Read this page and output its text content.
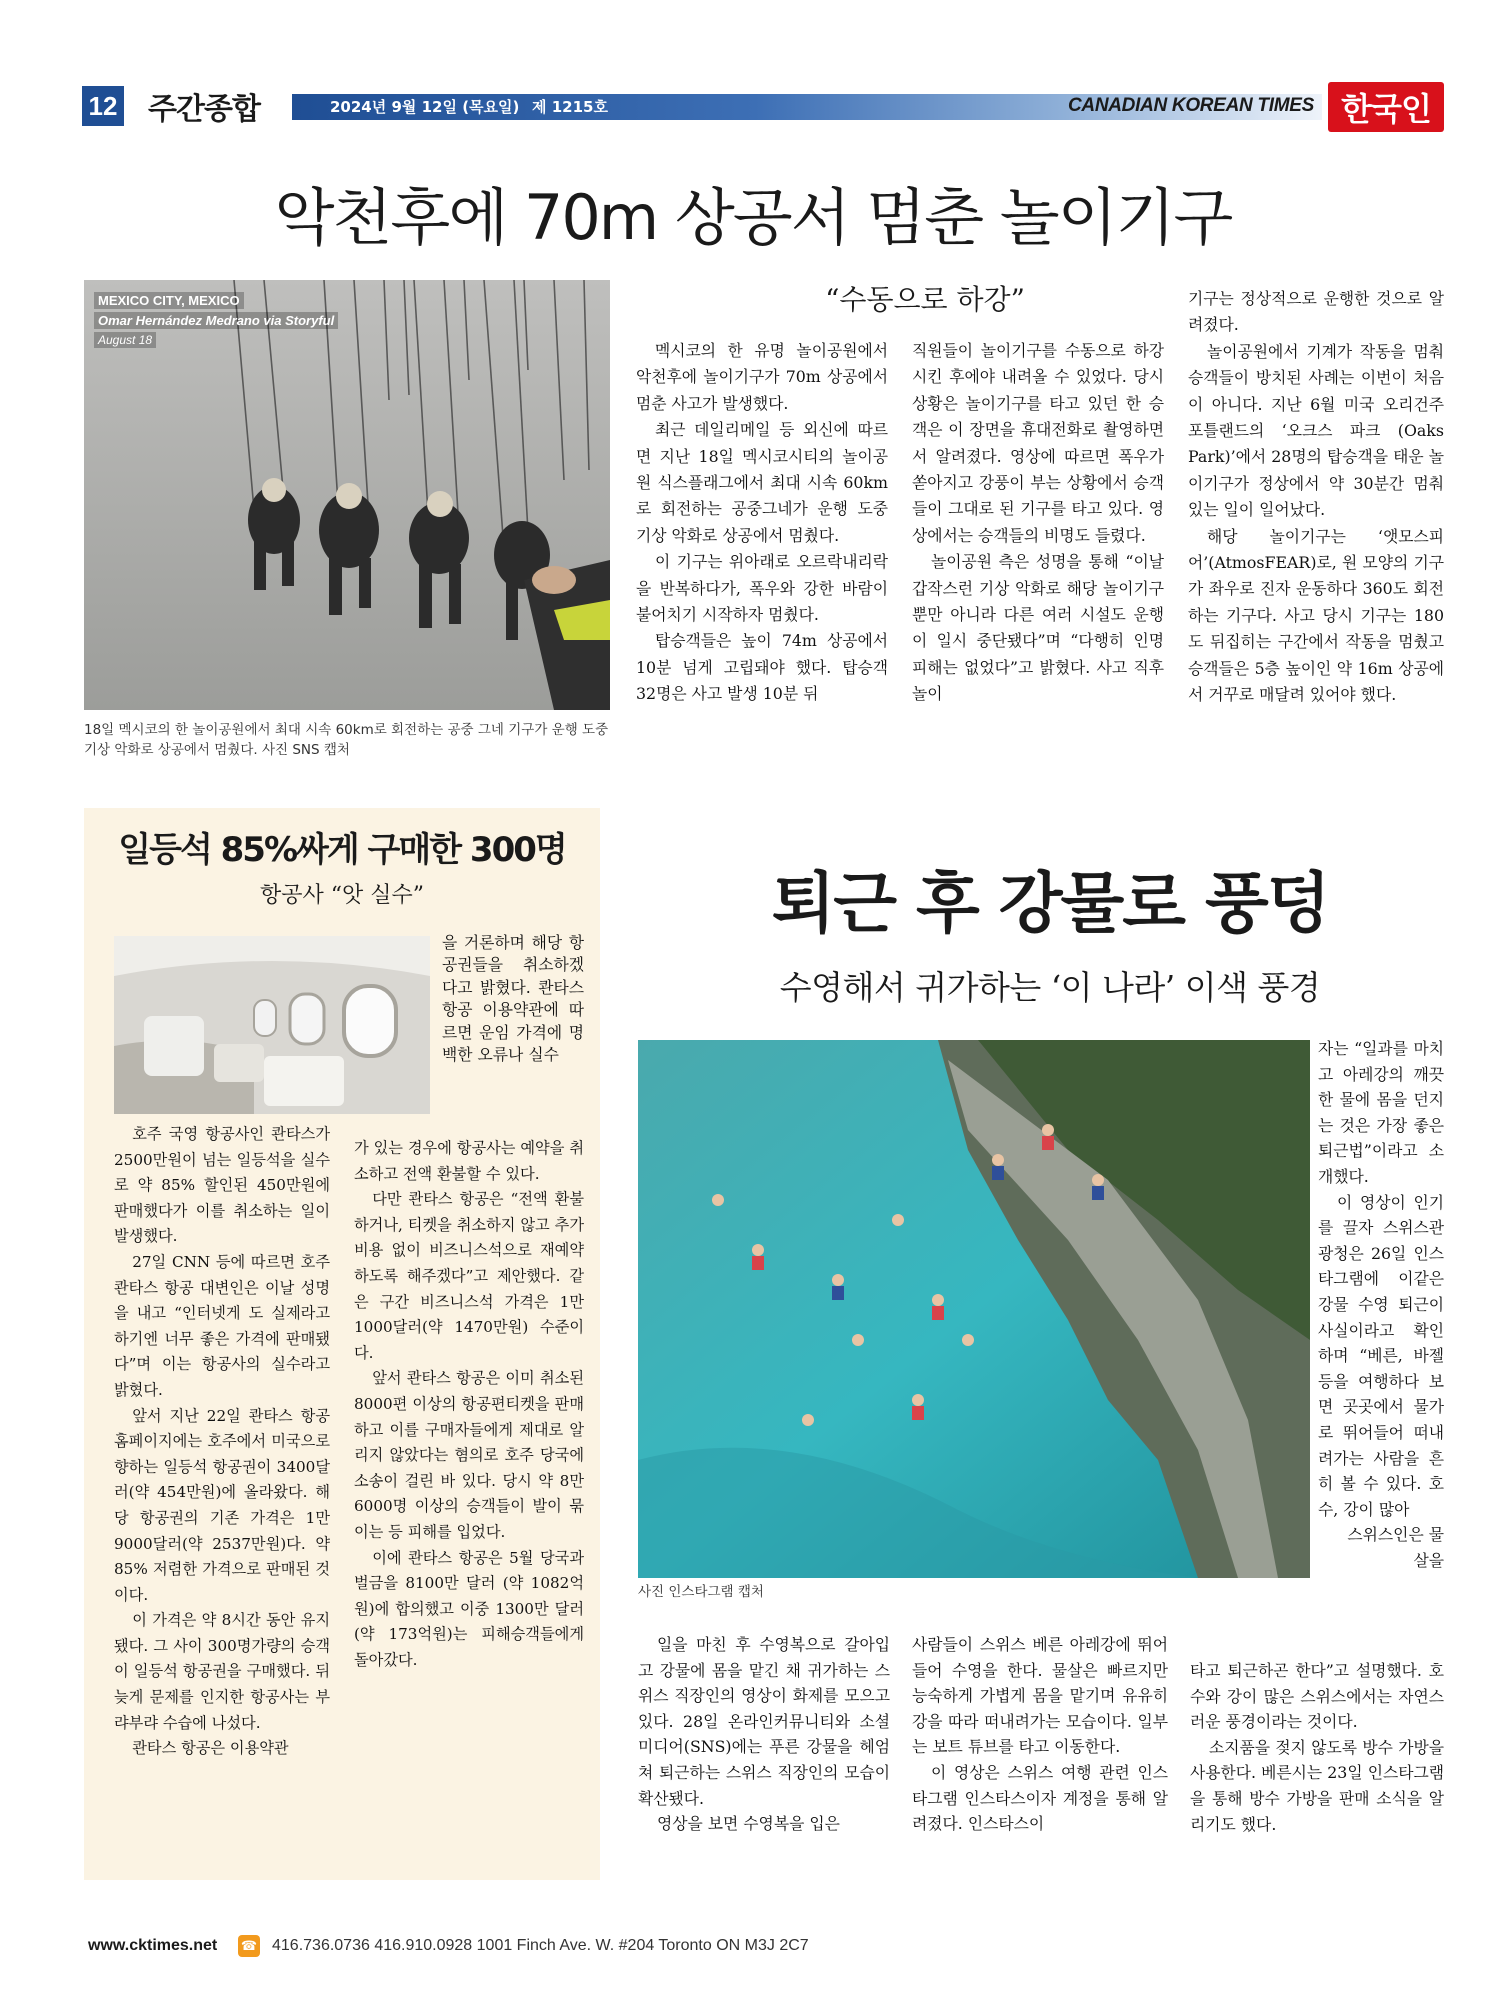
12 주간종합	2024년 9월 12일 (목요일) 제 1215호	CANADIAN KOREAN TIMES 한국인
악천후에 70m 상공서 멈춘 놀이기구
MEXICO CITY, MEXICO
Omar Hernández Medrano via Storyful
August 18
18일 멕시코의 한 놀이공원에서 최대 시속 60km로 회전하는 공중 그네 기구가 운행 도중 기상 악화로 상공에서 멈췄다. 사진 SNS 캡처
“수동으로 하강”

멕시코의 한 유명 놀이공원에서 악천후에 놀이기구가 70m 상공에서 멈춘 사고가 발생했다.

최근 데일리메일 등 외신에 따르면 지난 18일 멕시코시티의 놀이공원 식스플래그에서 최대 시속 60km로 회전하는 공중그네가 운행 도중 기상 악화로 상공에서 멈췄다.

이 기구는 위아래로 오르락내리락을 반복하다가, 폭우와 강한 바람이 불어치기 시작하자 멈췄다.

탑승객들은 높이 74m 상공에서 10분 넘게 고립돼야 했다. 탑승객 32명은 사고 발생 10분 뒤

직원들이 놀이기구를 수동으로 하강시킨 후에야 내려올 수 있었다. 당시 상황은 놀이기구를 타고 있던 한 승객은 이 장면을 휴대전화로 촬영하면서 알려졌다. 영상에 따르면 폭우가 쏟아지고 강풍이 부는 상황에서 승객들이 그대로 된 기구를 타고 있다. 영상에서는 승객들의 비명도 들렸다.

놀이공원 측은 성명을 통해 “이날 갑작스런 기상 악화로 해당 놀이기구뿐만 아니라 다른 여러 시설도 운행이 일시 중단됐다”며 “다행히 인명 피해는 없었다”고 밝혔다. 사고 직후 놀이

기구는 정상적으로 운행한 것으로 알려졌다.

놀이공원에서 기계가 작동을 멈춰 승객들이 방치된 사례는 이번이 처음이 아니다. 지난 6월 미국 오리건주 포틀랜드의 ‘오크스 파크 (Oaks Park)’에서 28명의 탑승객을 태운 놀이기구가 정상에서 약 30분간 멈춰 있는 일이 일어났다.

해당 놀이기구는 ‘앳모스피어’(AtmosFEAR)로, 원 모양의 기구가 좌우로 진자 운동하다 360도 회전하는 기구다. 사고 당시 기구는 180도 뒤집히는 구간에서 작동을 멈췄고 승객들은 5층 높이인 약 16m 상공에서 거꾸로 매달려 있어야 했다.

일등석 85%싸게 구매한 300명
항공사 “앗 실수”

을 거론하며 해당 항공권들을 취소하겠다고 밝혔다. 콴타스 항공 이용약관에 따르면 운임 가격에 명백한 오류나 실수

호주 국영 항공사인 콴타스가 2500만원이 넘는 일등석을 실수로 약 85% 할인된 450만원에 판매했다가 이를 취소하는 일이 발생했다.

27일 CNN 등에 따르면 호주 콴타스 항공 대변인은 이날 성명을 내고 “인터넷게 도 실제라고 하기엔 너무 좋은 가격에 판매됐다”며 이는 항공사의 실수라고 밝혔다.

앞서 지난 22일 콴타스 항공 홈페이지에는 호주에서 미국으로 향하는 일등석 항공권이 3400달러(약 454만원)에 올라왔다. 해당 항공권의 기존 가격은 1만9000달러(약 2537만원)다. 약 85% 저렴한 가격으로 판매된 것이다.

이 가격은 약 8시간 동안 유지됐다. 그 사이 300명가량의 승객이 일등석 항공권을 구매했다. 뒤늦게 문제를 인지한 항공사는 부랴부랴 수습에 나섰다.

콴타스 항공은 이용약관

가 있는 경우에 항공사는 예약을 취소하고 전액 환불할 수 있다.

다만 콴타스 항공은 “전액 환불하거나, 티켓을 취소하지 않고 추가비용 없이 비즈니스석으로 재예약하도록 해주겠다”고 제안했다. 같은 구간 비즈니스석 가격은 1만1000달러(약 1470만원) 수준이다.

앞서 콴타스 항공은 이미 취소된 8000편 이상의 항공편티켓을 판매하고 이를 구매자들에게 제대로 알리지 않았다는 혐의로 호주 당국에 소송이 걸린 바 있다. 당시 약 8만6000명 이상의 승객들이 발이 묶이는 등 피해를 입었다.

이에 콴타스 항공은 5월 당국과 벌금을 8100만 달러 (약 1082억원)에 합의했고 이중 1300만 달러(약 173억원)는 피해승객들에게 돌아갔다.

퇴근 후 강물로 풍덩
수영해서 귀가하는 ‘이 나라’ 이색 풍경
사진 인스타그램 캡처

자는 “일과를 마치고 아레강의 깨끗한 물에 몸을 던지는 것은 가장 좋은 퇴근법”이라고 소개했다.

이 영상이 인기를 끌자 스위스관광청은 26일 인스타그램에 이같은 강물 수영 퇴근이 사실이라고 확인하며 “베른, 바젤 등을 여행하다 보면 곳곳에서 물가로 뛰어들어 떠내려가는 사람을 흔히 볼 수 있다. 호수, 강이 많아

스위스인은 물살을

일을 마친 후 수영복으로 갈아입고 강물에 몸을 맡긴 채 귀가하는 스위스 직장인의 영상이 화제를 모으고 있다. 28일 온라인커뮤니티와 소셜미디어(SNS)에는 푸른 강물을 헤엄쳐 퇴근하는 스위스 직장인의 모습이 확산됐다.

영상을 보면 수영복을 입은

사람들이 스위스 베른 아레강에 뛰어들어 수영을 한다. 물살은 빠르지만 능숙하게 가볍게 몸을 맡기며 유유히 강을 따라 떠내려가는 모습이다. 일부는 보트 튜브를 타고 이동한다.

이 영상은 스위스 여행 관련 인스타그램 인스타스이자 계정을 통해 알려졌다. 인스타스이

타고 퇴근하곤 한다”고 설명했다. 호수와 강이 많은 스위스에서는 자연스러운 풍경이라는 것이다.

소지품을 젖지 않도록 방수 가방을 사용한다. 베른시는 23일 인스타그램을 통해 방수 가방을 판매 소식을 알리기도 했다.

www.cktimes.net ☎ 416.736.0736 416.910.0928 1001 Finch Ave. W. #204 Toronto ON M3J 2C7
